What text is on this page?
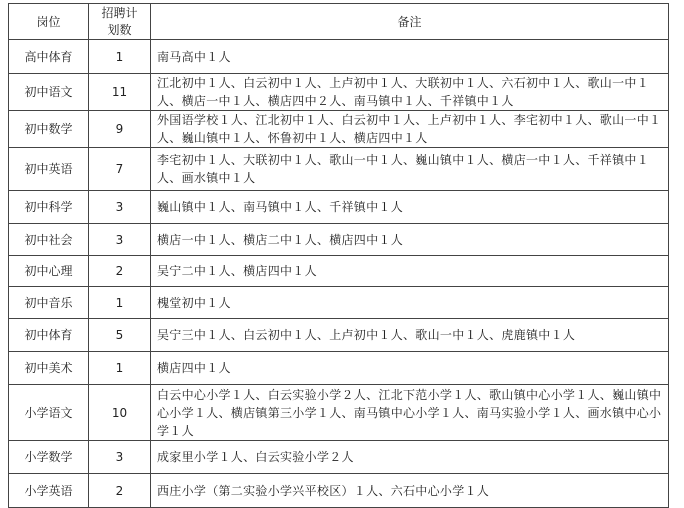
岗位	招聘计划数	备注
高中体育	1	南马高中１人
初中语文	11	江北初中１人、白云初中１人、上卢初中１人、大联初中１人、六石初中１人、歌山一中１人、横店一中１人、横店四中２人、南马镇中１人、千祥镇中１人
初中数学	9	外国语学校１人、江北初中１人、白云初中１人、上卢初中１人、李宅初中１人、歌山一中１人、巍山镇中１人、怀鲁初中１人、横店四中１人
初中英语	7	李宅初中１人、大联初中１人、歌山一中１人、巍山镇中１人、横店一中１人、千祥镇中１人、画水镇中１人
初中科学	3	巍山镇中１人、南马镇中１人、千祥镇中１人
初中社会	3	横店一中１人、横店二中１人、横店四中１人
初中心理	2	吴宁二中１人、横店四中１人
初中音乐	1	槐堂初中１人
初中体育	5	吴宁三中１人、白云初中１人、上卢初中１人、歌山一中１人、虎鹿镇中１人
初中美术	1	横店四中１人
小学语文	10	白云中心小学１人、白云实验小学２人、江北下范小学１人、歌山镇中心小学１人、巍山镇中心小学１人、横店镇第三小学１人、南马镇中心小学１人、南马实验小学１人、画水镇中心小学１人
小学数学	3	成家里小学１人、白云实验小学２人
小学英语	2	西庄小学（第二实验小学兴平校区）１人、六石中心小学１人
